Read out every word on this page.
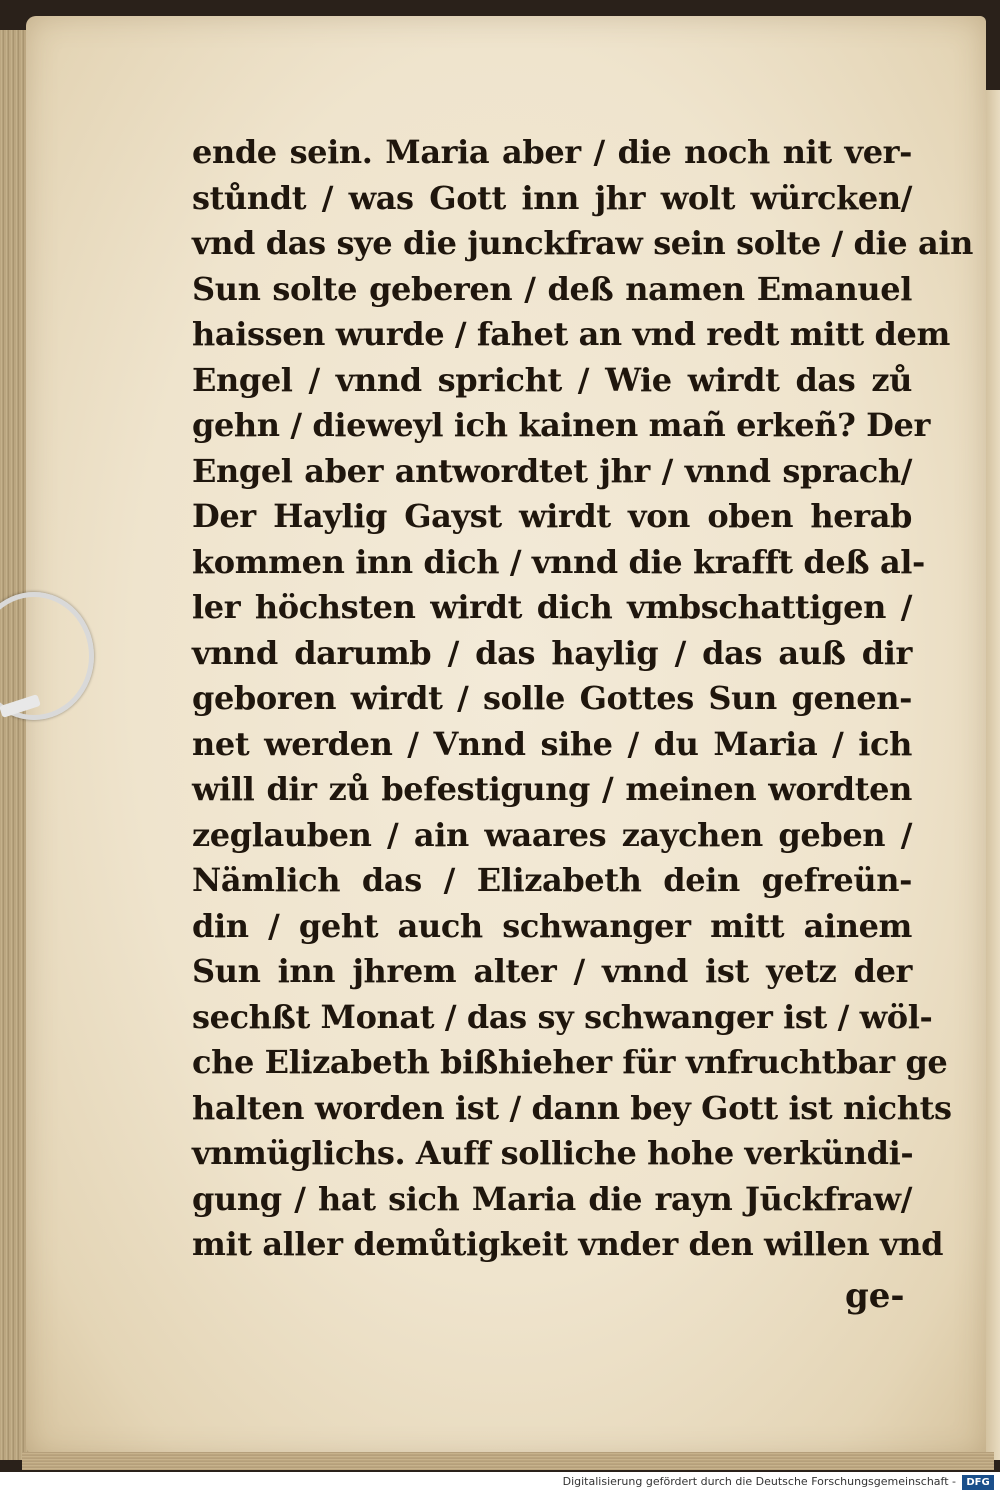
ende sein. Maria aber / die noch nit ver-
stůndt / was Gott inn jhr wolt würcken/
vnd das sye die junckfraw sein solte / die ain
Sun solte geberen / deß namen Emanuel
haissen wurde / fahet an vnd redt mitt dem
Engel / vnnd spricht / Wie wirdt das zů
gehn / dieweyl ich kainen mañ erkeñ? Der
Engel aber antwordtet jhr / vnnd sprach/
Der Haylig Gayst wirdt von oben herab
kommen inn dich / vnnd die krafft deß al-
ler höchsten wirdt dich vmbschattigen /
vnnd darumb / das haylig / das auß dir
geboren wirdt / solle Gottes Sun genen-
net werden / Vnnd sihe / du Maria / ich
will dir zů befestigung / meinen wordten
zeglauben / ain waares zaychen geben /
Nämlich das / Elizabeth dein gefreün-
din / geht auch schwanger mitt ainem
Sun inn jhrem alter / vnnd ist yetz der
sechßt Monat / das sy schwanger ist / wöl-
che Elizabeth bißhieher für vnfruchtbar ge
halten worden ist / dann bey Gott ist nichts
vnmüglichs. Auff solliche hohe verkündi-
gung / hat sich Maria die rayn Jūckfraw/
mit aller demůtigkeit vnder den willen vnd
ge-
Digitalisierung gefördert durch die Deutsche Forschungsgemeinschaft -	DFG
